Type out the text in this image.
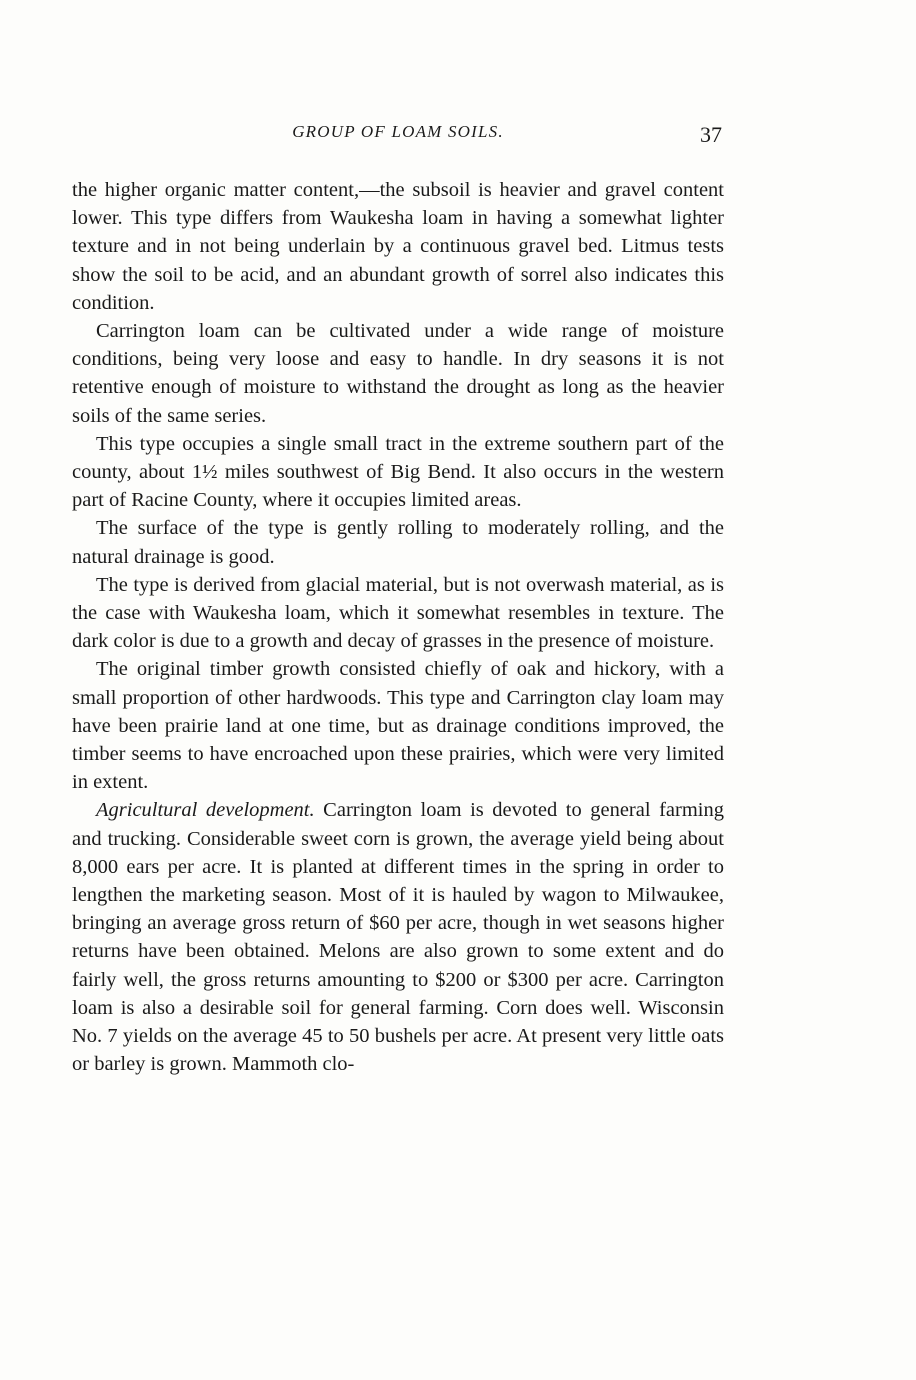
GROUP OF LOAM SOILS.	37

the higher organic matter content,—the subsoil is heavier and gravel content lower. This type differs from Waukesha loam in having a somewhat lighter texture and in not being underlain by a continuous gravel bed. Litmus tests show the soil to be acid, and an abundant growth of sorrel also indicates this condition.

Carrington loam can be cultivated under a wide range of moisture conditions, being very loose and easy to handle. In dry seasons it is not retentive enough of moisture to withstand the drought as long as the heavier soils of the same series.

This type occupies a single small tract in the extreme southern part of the county, about 1½ miles southwest of Big Bend. It also occurs in the western part of Racine County, where it occupies limited areas.

The surface of the type is gently rolling to moderately rolling, and the natural drainage is good.

The type is derived from glacial material, but is not overwash material, as is the case with Waukesha loam, which it somewhat resembles in texture. The dark color is due to a growth and decay of grasses in the presence of moisture.

The original timber growth consisted chiefly of oak and hickory, with a small proportion of other hardwoods. This type and Carrington clay loam may have been prairie land at one time, but as drainage conditions improved, the timber seems to have encroached upon these prairies, which were very limited in extent.

Agricultural development. Carrington loam is devoted to general farming and trucking. Considerable sweet corn is grown, the average yield being about 8,000 ears per acre. It is planted at different times in the spring in order to lengthen the marketing season. Most of it is hauled by wagon to Milwaukee, bringing an average gross return of $60 per acre, though in wet seasons higher returns have been obtained. Melons are also grown to some extent and do fairly well, the gross returns amounting to $200 or $300 per acre. Carrington loam is also a desirable soil for general farming. Corn does well. Wisconsin No. 7 yields on the average 45 to 50 bushels per acre. At present very little oats or barley is grown. Mammoth clo-
